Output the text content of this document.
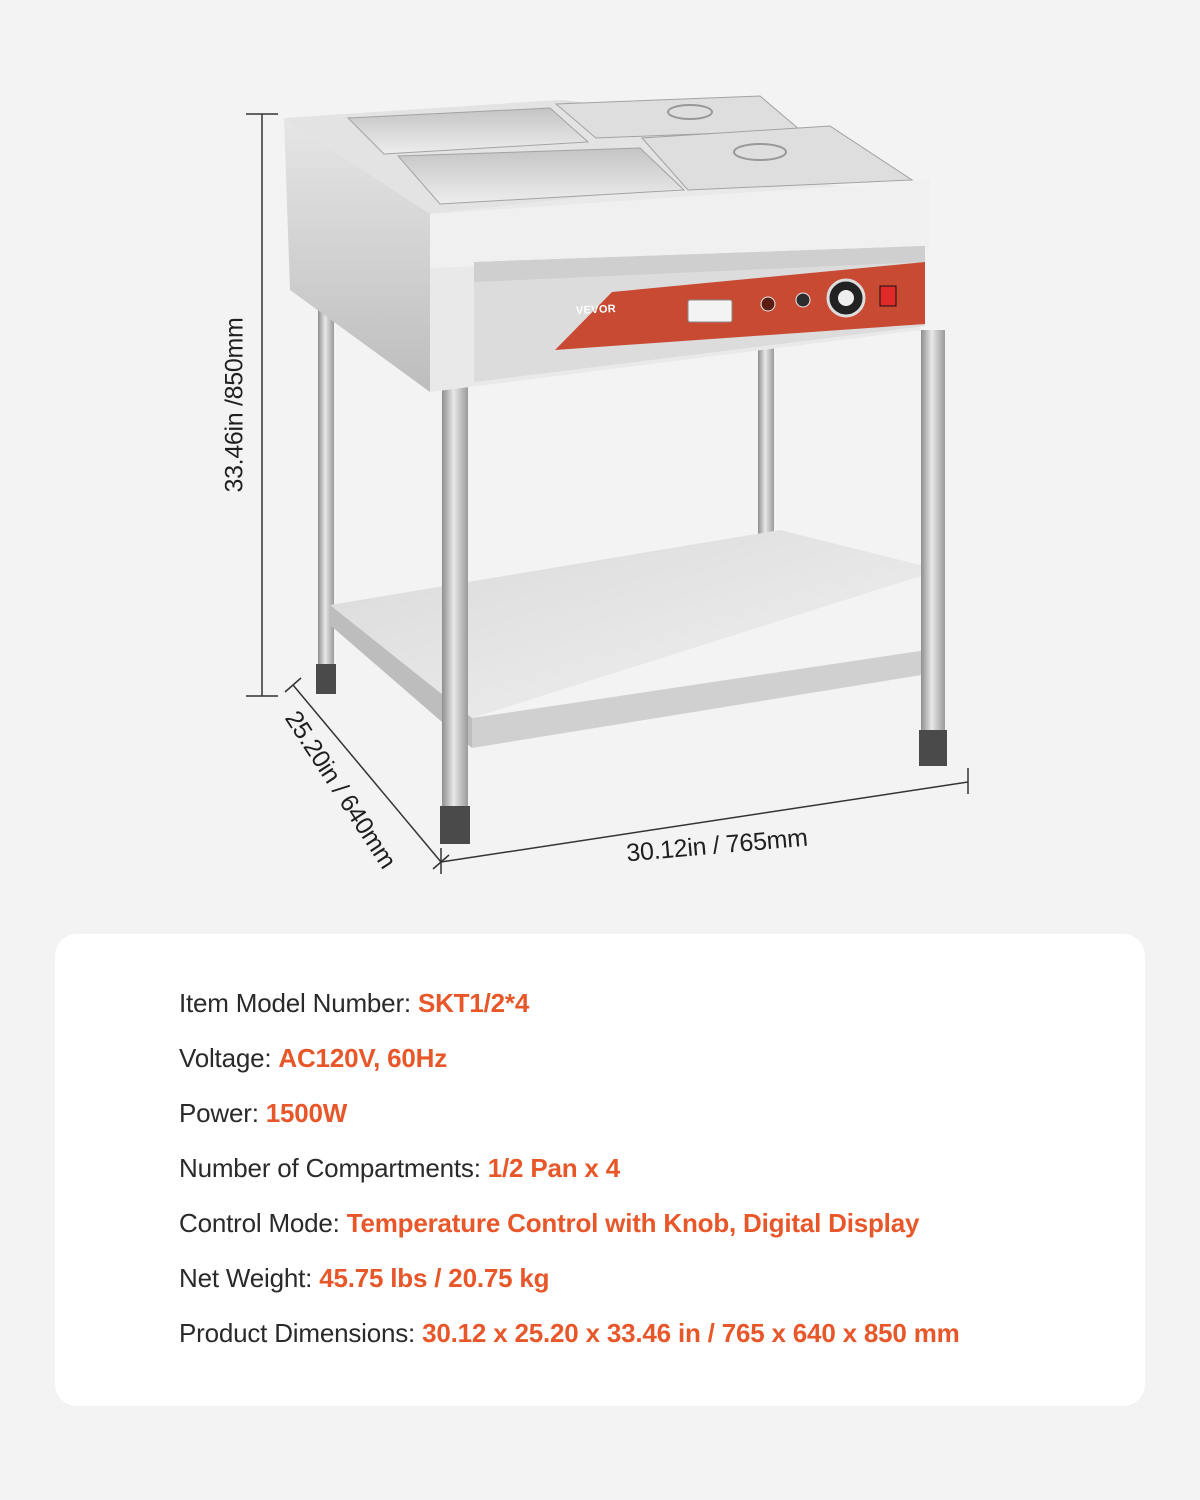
VEVOR
33.46in /850mm
25.20in / 640mm	30.12in / 765mm
Item Model Number: SKT1/2*4
Voltage: AC120V, 60Hz
Power: 1500W
Number of Compartments: 1/2 Pan x 4
Control Mode: Temperature Control with Knob, Digital Display
Net Weight: 45.75 lbs / 20.75 kg
Product Dimensions: 30.12 x 25.20 x 33.46 in / 765 x 640 x 850 mm
